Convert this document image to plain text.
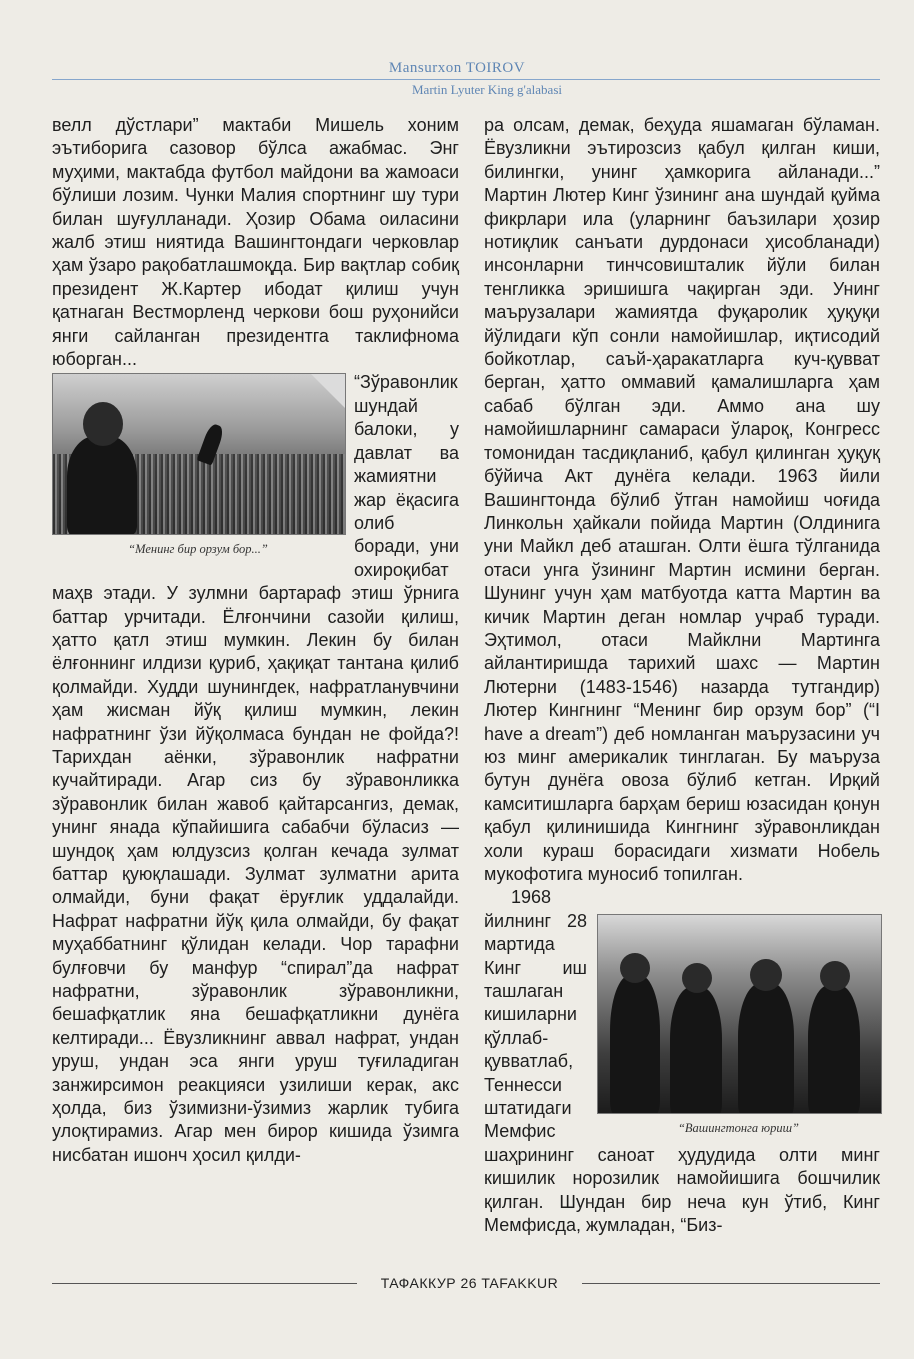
Mansurxon TOIROV
Martin Lyuter King g'alabasi

велл дўстлари” мактаби Мишель хоним эътиборига сазовор бўлса ажабмас. Энг муҳими, мактабда футбол майдони ва жамоаси бўлиши лозим. Чунки Малия спортнинг шу тури билан шуғулланади. Ҳозир Обама оиласини жалб этиш ниятида Вашингтондаги черковлар ҳам ўзаро рақобатлашмоқда. Бир вақтлар собиқ президент Ж.Картер ибодат қилиш учун қатнаган Вестморленд черкови бош руҳонийси янги сайланган президентга таклифнома юборган...

“Менинг бир орзум бор...”

“Зўравонлик шундай балоки, у давлат ва жамиятни жар ёқасига олиб боради, уни охироқибат маҳв этади. У зулмни бартараф этиш ўрнига баттар урчитади. Ёлғончини сазойи қилиш, ҳатто қатл этиш мумкин. Лекин бу билан ёлғоннинг илдизи қуриб, ҳақиқат тантана қилиб қолмайди. Худди шунингдек, нафратланувчини ҳам жисман йўқ қилиш мумкин, лекин нафратнинг ўзи йўқолмаса бундан не фойда?! Тарихдан аёнки, зўравонлик нафратни кучайтиради. Агар сиз бу зўравонликка зўравонлик билан жавоб қайтарсангиз, демак, унинг янада кўпайишига сабабчи бўласиз — шундоқ ҳам юлдузсиз қолган кечада зулмат баттар қуюқлашади. Зулмат зулматни арита олмайди, буни фақат ёруғлик уддалайди. Нафрат нафратни йўқ қила олмайди, бу фақат муҳаббатнинг қўлидан келади. Чор тарафни булғовчи бу манфур “спирал”да нафрат нафратни, зўравонлик зўравонликни, бешафқатлик яна бешафқатликни дунёга келтиради... Ёвузликнинг аввал нафрат, ундан уруш, ундан эса янги уруш туғиладиган занжирсимон реакцияси узилиши керак, акс ҳолда, биз ўзимизни-ўзимиз жарлик тубига улоқтирамиз. Агар мен бирор кишида ўзимга нисбатан ишонч ҳосил қилди-

ра олсам, демак, беҳуда яшамаган бўламан. Ёвузликни эътирозсиз қабул қилган киши, билингки, унинг ҳамкорига айланади...” Мартин Лютер Кинг ўзининг ана шундай қуйма фикрлари ила (уларнинг баъзилари ҳозир нотиқлик санъати дурдонаси ҳисобланади) инсонларни тинчсовишталик йўли билан тенгликка эришишга чақирган эди. Унинг маърузалари жамиятда фуқаролик ҳуқуқи йўлидаги кўп сонли намойишлар, иқтисодий бойкотлар, саъй-ҳаракатларга куч-қувват берган, ҳатто оммавий қамалишларга ҳам сабаб бўлган эди. Аммо ана шу намойишларнинг самараси ўлароқ, Конгресс томонидан тасдиқланиб, қабул қилинган ҳуқуқ бўйича Акт дунёга келади. 1963 йили Вашингтонда бўлиб ўтган намойиш чоғида Линкольн ҳайкали пойида Мартин (Олдинига уни Майкл деб аташган. Олти ёшга тўлганида отаси унга ўзининг Мартин исмини берган. Шунинг учун ҳам матбуотда катта Мартин ва кичик Мартин деган номлар учраб туради. Эҳтимол, отаси Майклни Мартинга айлантиришда тарихий шахс — Мартин Лютерни (1483-1546) назарда тутгандир) Лютер Кингнинг “Менинг бир орзум бор” (“I have a dream”) деб номланган маърузасини уч юз минг америкалик тинглаган. Бу маъруза бутун дунёга овоза бўлиб кетган. Ирқий камситишларга барҳам бериш юзасидан қонун қабул қилинишида Кингнинг зўравонликдан холи кураш борасидаги хизмати Нобель мукофотига муносиб топилган.

“Вашингтонга юриш”

1968 йилнинг 28 мартида Кинг иш ташлаган кишиларни қўллаб-қувватлаб, Теннесси штатидаги Мемфис шаҳрининг саноат ҳудудида олти минг кишилик норозилик намойишига бошчилик қилган. Шундан бир неча кун ўтиб, Кинг Мемфисда, жумладан, “Биз-

ТАФАККУР 26 TAFAKKUR
